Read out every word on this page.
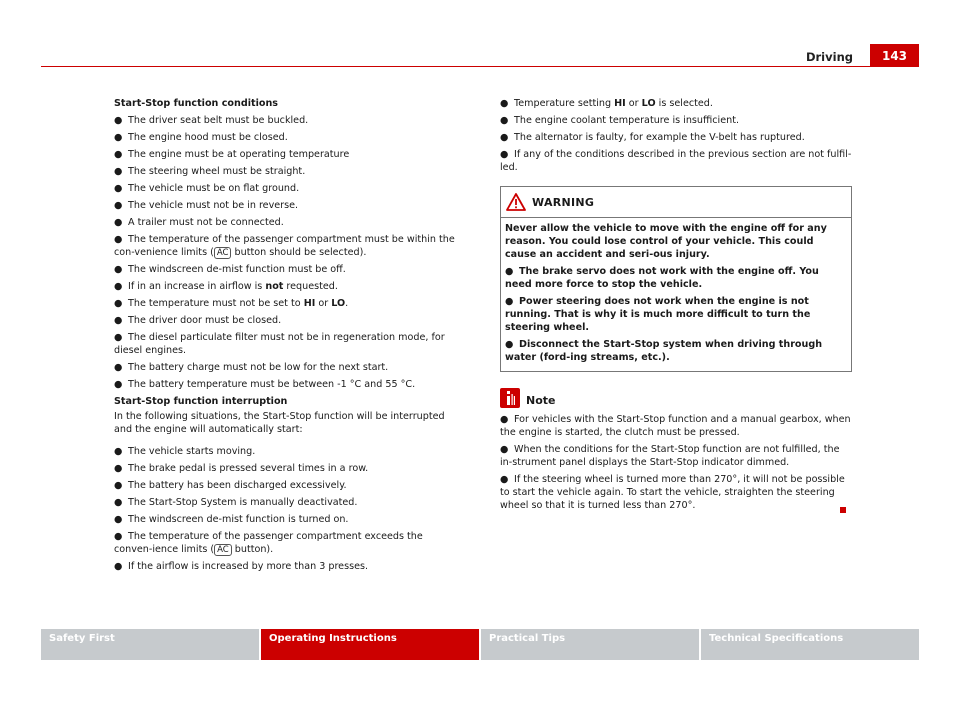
Driving	143

Start-Stop function conditions

● The driver seat belt must be buckled.

● The engine hood must be closed.

● The engine must be at operating temperature

● The steering wheel must be straight.

● The vehicle must be on flat ground.

● The vehicle must not be in reverse.

● A trailer must not be connected.

● The temperature of the passenger compartment must be within the con-venience limits ( AC button should be selected).

● The windscreen de-mist function must be off.

● If in an increase in airflow is not requested.

● The temperature must not be set to HI or LO.

● The driver door must be closed.

● The diesel particulate filter must not be in regeneration mode, for diesel engines.

● The battery charge must not be low for the next start.

● The battery temperature must be between -1 °C and 55 °C.

Start-Stop function interruption

In the following situations, the Start-Stop function will be interrupted and the engine will automatically start:

● The vehicle starts moving.

● The brake pedal is pressed several times in a row.

● The battery has been discharged excessively.

● The Start-Stop System is manually deactivated.

● The windscreen de-mist function is turned on.

● The temperature of the passenger compartment exceeds the conven-ience limits ( AC button).

● If the airflow is increased by more than 3 presses.

● Temperature setting HI or LO is selected.

● The engine coolant temperature is insufficient.

● The alternator is faulty, for example the V-belt has ruptured.

● If any of the conditions described in the previous section are not fulfil-led.

WARNING

Never allow the vehicle to move with the engine off for any reason. You could lose control of your vehicle. This could cause an accident and seri-ous injury.

● The brake servo does not work with the engine off. You need more force to stop the vehicle.

● Power steering does not work when the engine is not running. That is why it is much more difficult to turn the steering wheel.

● Disconnect the Start-Stop system when driving through water (ford-ing streams, etc.).

Note

● For vehicles with the Start-Stop function and a manual gearbox, when the engine is started, the clutch must be pressed.

● When the conditions for the Start-Stop function are not fulfilled, the in-strument panel displays the Start-Stop indicator dimmed.

● If the steering wheel is turned more than 270°, it will not be possible to start the vehicle again. To start the vehicle, straighten the steering wheel so that it is turned less than 270°.

Safety First	Operating Instructions	Practical Tips	Technical Specifications
